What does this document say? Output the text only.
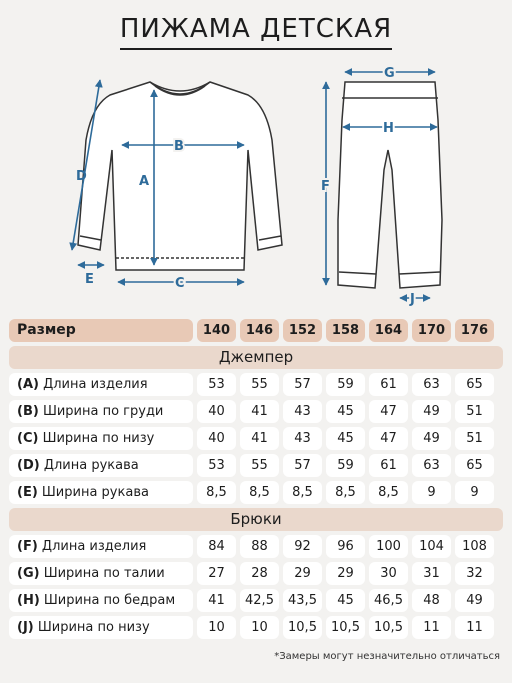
ПИЖАМА ДЕТСКАЯ
B
A
C
D
E
G
H
F
J
Размер	140	146	152	158	164	170	176
Джемпер
(A) Длина изделия	53	55	57	59	61	63	65
(B) Ширина по груди	40	41	43	45	47	49	51
(C) Ширина по низу	40	41	43	45	47	49	51
(D) Длина рукава	53	55	57	59	61	63	65
(E) Ширина рукава	8,5	8,5	8,5	8,5	8,5	9	9
Брюки
(F) Длина изделия	84	88	92	96	100	104	108
(G) Ширина по талии	27	28	29	29	30	31	32
(H) Ширина по бедрам	41	42,5	43,5	45	46,5	48	49
(J) Ширина по низу	10	10	10,5	10,5	10,5	11	11
*Замеры могут незначительно отличаться
